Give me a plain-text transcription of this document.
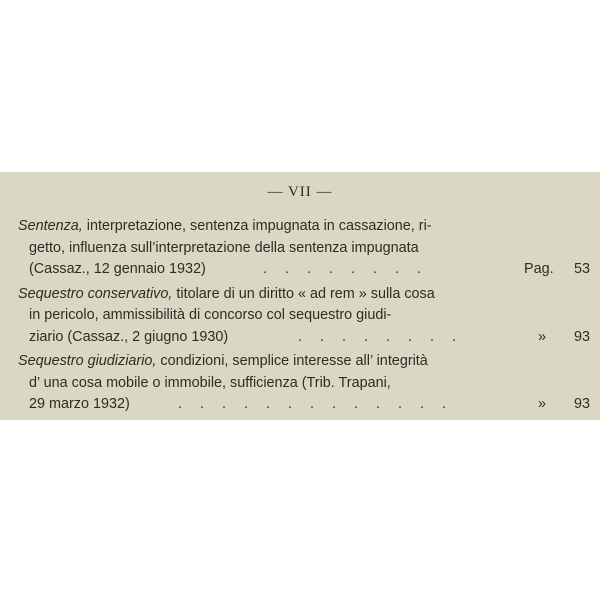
— VII —
Sentenza, interpretazione, sentenza impugnata in cassazione, ri-
getto, influenza sull’interpretazione della sentenza impugnata
(Cassaz., 12 gennaio 1932)	. . . . . . . .	Pag. 53
Sequestro conservativo, titolare di un diritto « ad rem » sulla cosa
in pericolo, ammissibilità di concorso col sequestro giudi-
ziario (Cassaz., 2 giugno 1930)	. . . . . . . .	» 93
Sequestro giudiziario, condizioni, semplice interesse all’ integrità
d’ una cosa mobile o immobile, sufficienza (Trib. Trapani,
29 marzo 1932)	. . . . . . . . . . . . .	» 93
